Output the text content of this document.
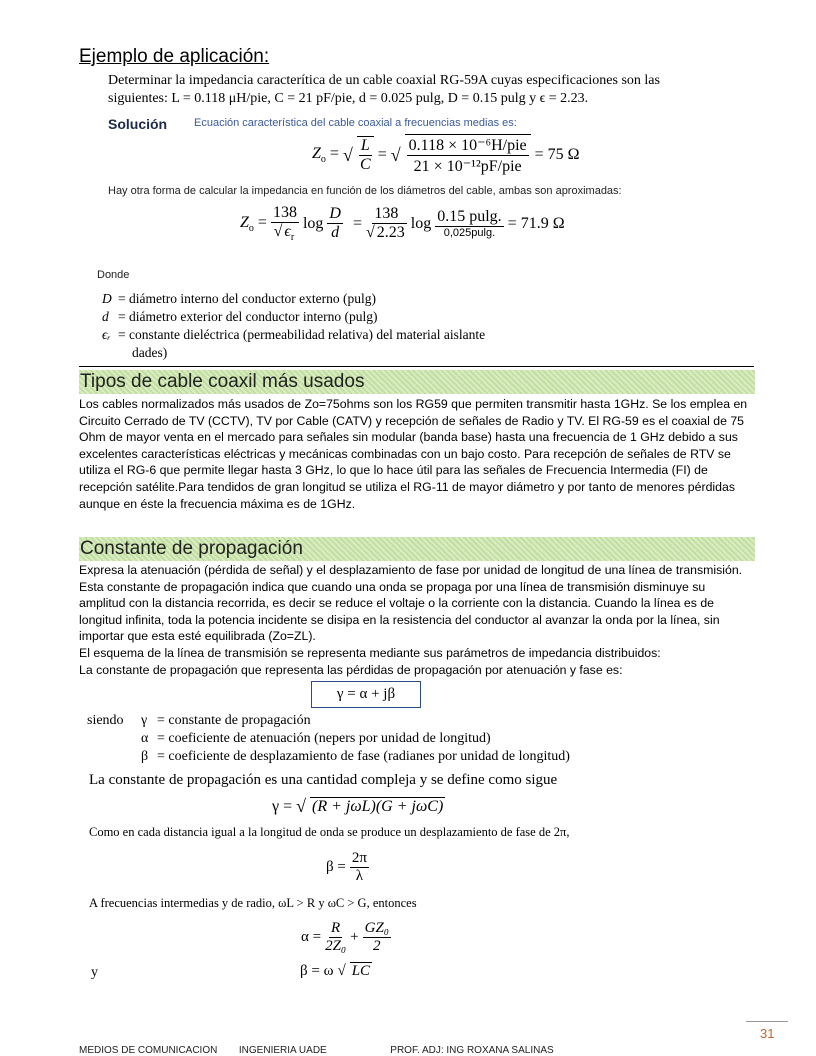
Ejemplo de aplicación:
Determinar la impedancia caracterítica de un cable coaxial RG-59A cuyas especificaciones son las
siguientes: L = 0.118 μH/pie, C = 21 pF/pie, d = 0.025 pulg, D = 0.15 pulg y ϵ = 2.23.
Solución Ecuación característica del cable coaxial a frecuencias medias es:
$Z_o$ = √ $\frac{L}{C}$ = √ $\frac{\text{0.118 × 10⁻⁶H/pie}}{\text{21 × 10⁻¹²pF/pie}} = 75$ Ω
Hay otra forma de calcular la impedancia en función de los diámetros del cable, ambas son aproximadas:
$Z_o = \frac{138}{√ \epsilon_r}$ $\log \frac{D}{d} = \frac{138}{√ 2.23}$ $\log \frac{0.15 pulg.}{0,025pulg.} = 71.9$ Ω
Donde
D = diámetro interno del conductor externo (pulg)
d = diámetro exterior del conductor interno (pulg)
ϵᵣ = constante dieléctrica (permeabilidad relativa) del material aislante
dades)
Tipos de cable coaxil más usados

Los cables normalizados más usados de Zo=75ohms son los RG59 que permiten transmitir hasta 1GHz. Se los emplea en Circuito Cerrado de TV (CCTV), TV por Cable (CATV) y recepción de señales de Radio y TV. El RG-59 es el coaxial de 75 Ohm de mayor venta en el mercado para señales sin modular (banda base) hasta una frecuencia de 1 GHz debido a sus excelentes características eléctricas y mecánicas combinadas con un bajo costo. Para recepción de señales de RTV se utiliza el RG-6 que permite llegar hasta 3 GHz, lo que lo hace útil para las señales de Frecuencia Intermedia (FI) de recepción satélite.Para tendidos de gran longitud se utiliza el RG-11 de mayor diámetro y por tanto de menores pérdidas aunque en éste la frecuencia máxima es de 1GHz.

Constante de propagación

Expresa la atenuación (pérdida de señal) y el desplazamiento de fase por unidad de longitud de una línea de transmisión. Esta constante de propagación indica que cuando una onda se propaga por una línea de transmisión disminuye su amplitud con la distancia recorrida, es decir se reduce el voltaje o la corriente con la distancia. Cuando la línea es de longitud infinita, toda la potencia incidente se disipa en la resistencia del conductor al avanzar la onda por la línea, sin importar que esta esté equilibrada (Zo=ZL).

El esquema de la línea de transmisión se representa mediante sus parámetros de impedancia distribuidos:

La constante de propagación que representa las pérdidas de propagación por atenuación y fase es:

γ = α + jβ
siendo	γ = constante de propagación
α = coeficiente de atenuación (nepers por unidad de longitud)
β = coeficiente de desplazamiento de fase (radianes por unidad de longitud)
La constante de propagación es una cantidad compleja y se define como sigue
γ = √ (R + jωL)(G + jωC)
Como en cada distancia igual a la longitud de onda se produce un desplazamiento de fase de 2π,
$\beta = \frac{2\pi}{\lambda}$
A frecuencias intermedias y de radio, ωL > R y ωC > G, entonces
$\alpha = \frac{R}{\text{2Z₀}} + \frac{\text{GZ₀}}{2}$
y	β = ω √ LC
31
MEDIOS DE COMUNICACIÓN INGENIERIA UADE	PROF. ADJ: ING ROXANA SALINAS
